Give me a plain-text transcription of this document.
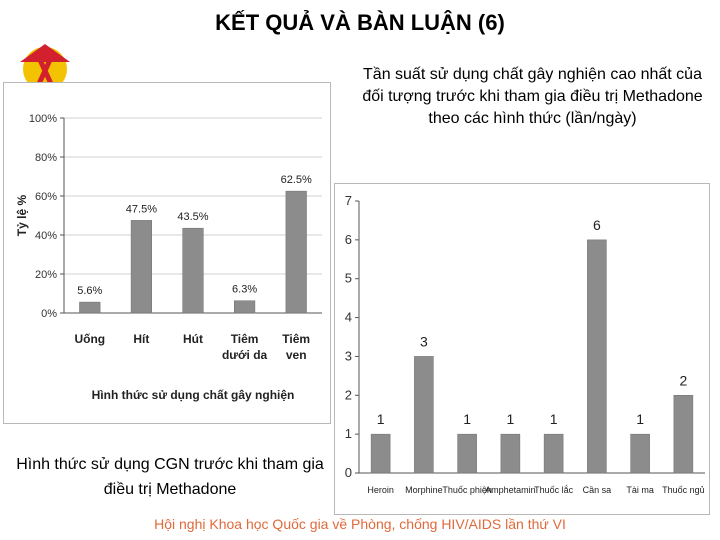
KẾT QUẢ VÀ BÀN LUẬN (6)
Tần suất sử dụng chất gây nghiện cao nhất của đối tượng trước khi tham gia điều trị Methadone theo các hình thức (lần/ngày)
0%
20%
40%
60%
80%
100%
5.6%
Uống
47.5%
Hít
43.5%
Hút
6.3%
Tiêm
dưới da
62.5%
Tiêm
ven
Tỷ lệ %
Hình thức sử dụng chất gây nghiện
0
1
2
3
4
5
6
7
1
Heroin
3
Morphine
1
Thuốc phiện
1
Amphetamin
1
Thuốc lắc
6
Cần sa
1
Tài ma
2
Thuốc ngủ
Hình thức sử dụng CGN trước khi tham gia điều trị Methadone
Hội nghị Khoa học Quốc gia về Phòng, chống HIV/AIDS lần thứ VI
